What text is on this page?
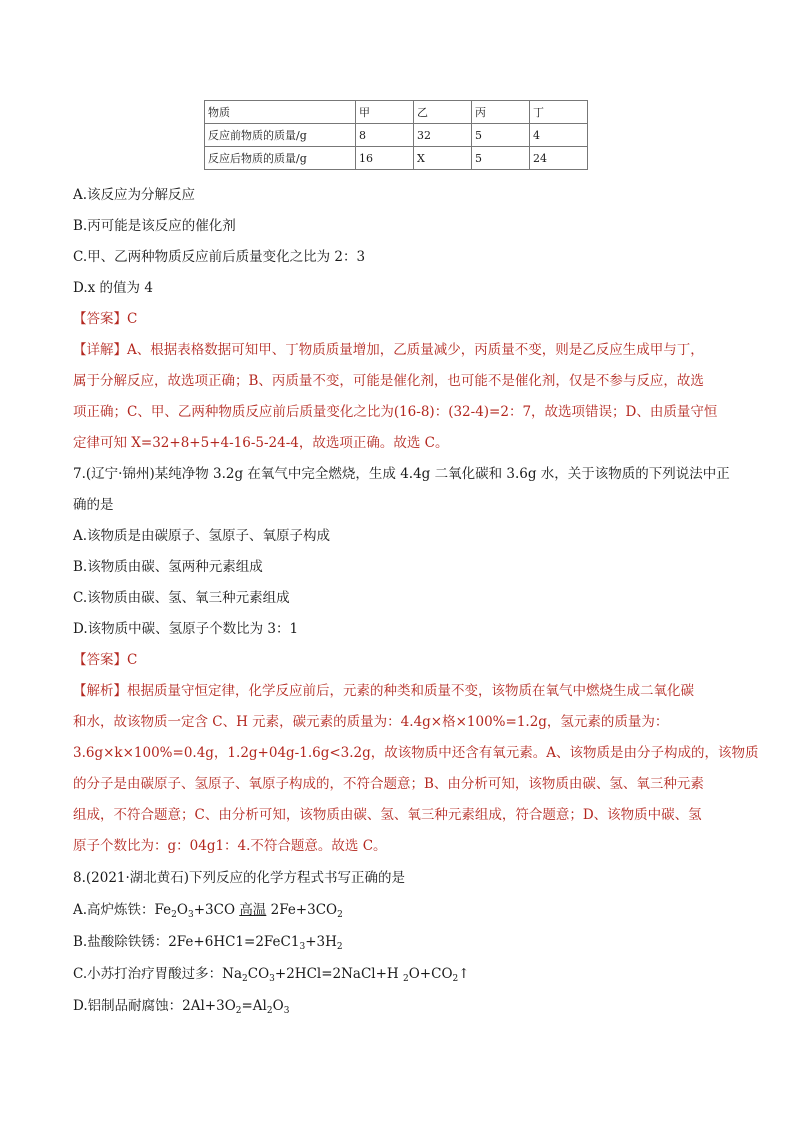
物质	甲	乙	丙	丁
反应前物质的质量/g	8	32	5	4
反应后物质的质量/g	16	X	5	24
A.该反应为分解反应
B.丙可能是该反应的催化剂
C.甲、乙两种物质反应前后质量变化之比为 2：3
D.x 的值为 4
【答案】C
【详解】A、根据表格数据可知甲、丁物质质量增加，乙质量减少，丙质量不变，则是乙反应生成甲与丁，
属于分解反应，故选项正确；B、丙质量不变，可能是催化剂，也可能不是催化剂，仅是不参与反应，故选
项正确；C、甲、乙两种物质反应前后质量变化之比为(16-8)：(32-4)=2：7，故选项错误；D、由质量守恒
定律可知 X=32+8+5+4-16-5-24-4，故选项正确。故选 C。
7.(辽宁·锦州)某纯净物 3.2g 在氧气中完全燃烧，生成 4.4g 二氧化碳和 3.6g 水，关于该物质的下列说法中正
确的是
A.该物质是由碳原子、氢原子、氧原子构成
B.该物质由碳、氢两种元素组成
C.该物质由碳、氢、氧三种元素组成
D.该物质中碳、氢原子个数比为 3：1
【答案】C
【解析】根据质量守恒定律，化学反应前后，元素的种类和质量不变，该物质在氧气中燃烧生成二氧化碳
和水，故该物质一定含 C、H 元素，碳元素的质量为：4.4g×格×100%=1.2g，氢元素的质量为：
3.6g×k×100%=0.4g，1.2g+04g-1.6g<3.2g，故该物质中还含有氧元素。A、该物质是由分子构成的，该物质
的分子是由碳原子、氢原子、氧原子构成的，不符合题意；B、由分析可知，该物质由碳、氢、氧三种元素
组成，不符合题意；C、由分析可知，该物质由碳、氢、氧三种元素组成，符合题意；D、该物质中碳、氢
原子个数比为：g：04g1：4.不符合题意。故选 C。
8.(2021·湖北黄石)下列反应的化学方程式书写正确的是
A.高炉炼铁：$Fe_2O_3+3CO$ 高温 $2Fe+3CO_2$
B.盐酸除铁锈：$2Fe+6HC1=2FeC1_3+3H_2$
C.小苏打治疗胃酸过多：$Na_2CO_3+2HCl=2NaCl+H$ $_2O+CO_2↑$
D.铝制品耐腐蚀：$2Al+3O_2=Al_2O_3$
